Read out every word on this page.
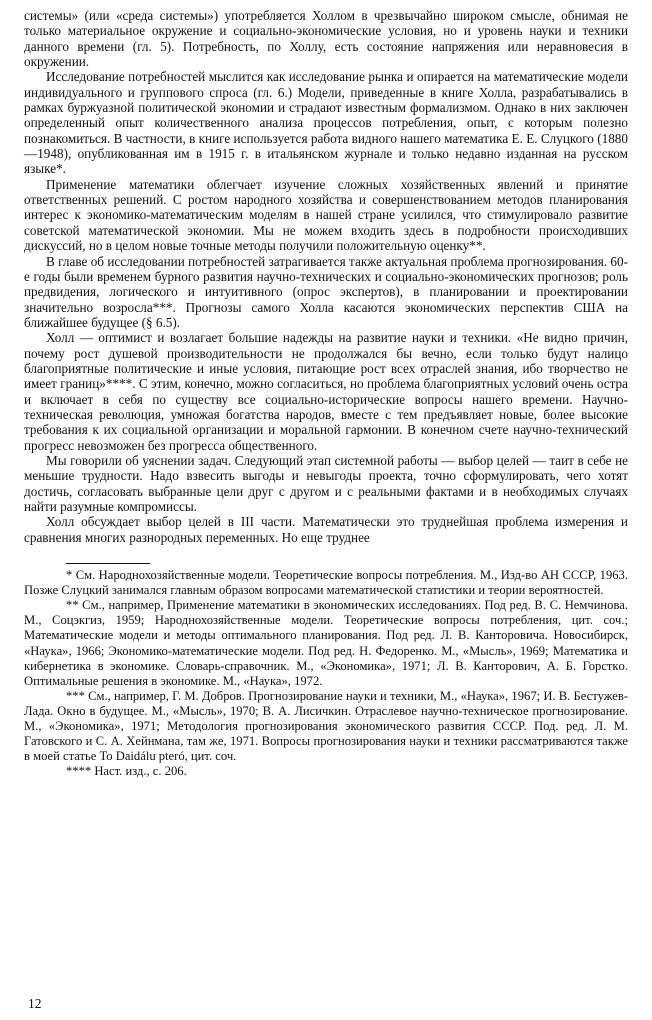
системы» (или «среда системы») употребляется Холлом в чрезвычайно широком смысле, обнимая не только материальное окружение и социально-экономические условия, но и уровень науки и техники данного времени (гл. 5). Потребность, по Холлу, есть состояние напряжения или неравновесия в окружении.

Исследование потребностей мыслится как исследование рынка и опирается на математические модели индивидуального и группового спроса (гл. 6.) Модели, приведенные в книге Холла, разрабатывались в рамках буржуазной политической экономии и страдают известным формализмом. Однако в них заключен определенный опыт количественного анализа процессов потребления, опыт, с которым полезно познакомиться. В частности, в книге используется работа видного нашего математика Е. Е. Слуцкого (1880—1948), опубликованная им в 1915 г. в итальянском журнале и только недавно изданная на русском языке*.

Применение математики облегчает изучение сложных хозяйственных явлений и принятие ответственных решений. С ростом народного хозяйства и совершенствованием методов планирования интерес к экономико-математическим моделям в нашей стране усилился, что стимулировало развитие советской математической экономии. Мы не можем входить здесь в подробности происходивших дискуссий, но в целом новые точные методы получили положительную оценку**.

В главе об исследовании потребностей затрагивается также актуальная проблема прогнозирования. 60-е годы были временем бурного развития научно-технических и социально-экономических прогнозов; роль предвидения, логического и интуитивного (опрос экспертов), в планировании и проектировании значительно возросла***. Прогнозы самого Холла касаются экономических перспектив США на ближайшее будущее (§ 6.5).

Холл — оптимист и возлагает большие надежды на развитие науки и техники. «Не видно причин, почему рост душевой производительности не продолжался бы вечно, если только будут налицо благоприятные политические и иные условия, питающие рост всех отраслей знания, ибо творчество не имеет границ»****. С этим, конечно, можно согласиться, но проблема благоприятных условий очень остра и включает в себя по существу все социально-исторические вопросы нашего времени. Научно-техническая революция, умножая богатства народов, вместе с тем предъявляет новые, более высокие требования к их социальной организации и моральной гармонии. В конечном счете научно-технический прогресс невозможен без прогресса общественного.

Мы говорили об уяснении задач. Следующий этап системной работы — выбор целей — таит в себе не меньшие трудности. Надо взвесить выгоды и невыгоды проекта, точно сформулировать, чего хотят достичь, согласовать выбранные цели друг с другом и с реальными фактами и в необходимых случаях найти разумные компромиссы.

Холл обсуждает выбор целей в III части. Математически это труднейшая проблема измерения и сравнения многих разнородных переменных. Но еще труднее

* См. Народнохозяйственные модели. Теоретические вопросы потребления. М., Изд-во АН СССР, 1963. Позже Слуцкий занимался главным образом вопросами математической статистики и теории вероятностей.

** См., например, Применение математики в экономических исследованиях. Под ред. В. С. Немчинова. М., Соцэкгиз, 1959; Народнохозяйственные модели. Теоретические вопросы потребления, цит. соч.; Математические модели и методы оптимального планирования. Под ред. Л. В. Канторовича. Новосибирск, «Наука», 1966; Экономико-математические модели. Под ред. Н. Федоренко. М., «Мысль», 1969; Математика и кибернетика в экономике. Словарь-справочник. М., «Экономика», 1971; Л. В. Канторович, А. Б. Горсткo. Оптимальные решения в экономике. М., «Наука», 1972.

*** См., например, Г. М. Добров. Прогнозирование науки и техники, М., «Наука», 1967; И. В. Бестужев-Лада. Окно в будущее. М., «Мысль», 1970; В. А. Лисичкин. Отраслевое научно-техническое прогнозирование. М., «Экономика», 1971; Методология прогнозирования экономического развития СССР. Под. ред. Л. М. Гатовского и С. А. Хейнмана, там же, 1971. Вопросы прогнозирования науки и техники рассматриваются также в моей статье To Daidálu pteró, цит. соч.

**** Наст. изд., с. 206.

12
